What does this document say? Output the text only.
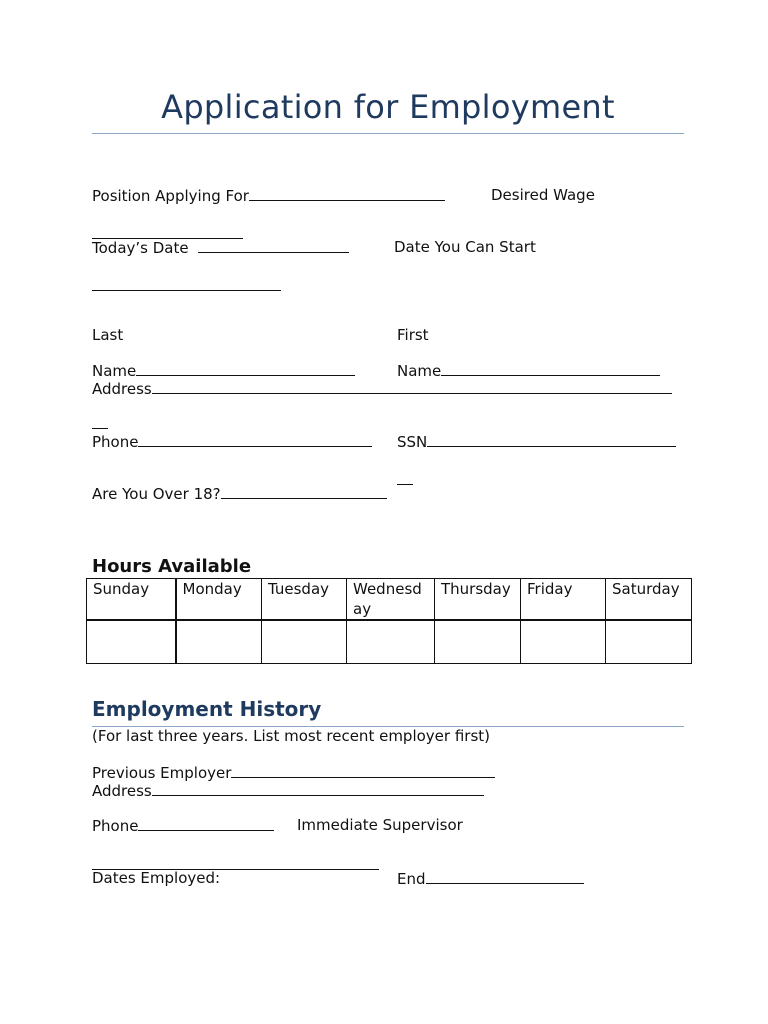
Application for Employment
Position Applying For	Desired Wage
Today’s Date	Date You Can Start
Last	First
Name	Name
Address
Phone	SSN
Are You Over 18?
Hours Available
Sunday	Monday	Tuesday	Wednesday	Thursday	Friday	Saturday

Employment History
(For last three years. List most recent employer first)
Previous Employer
Address
Phone	Immediate Supervisor
Dates Employed:	End
